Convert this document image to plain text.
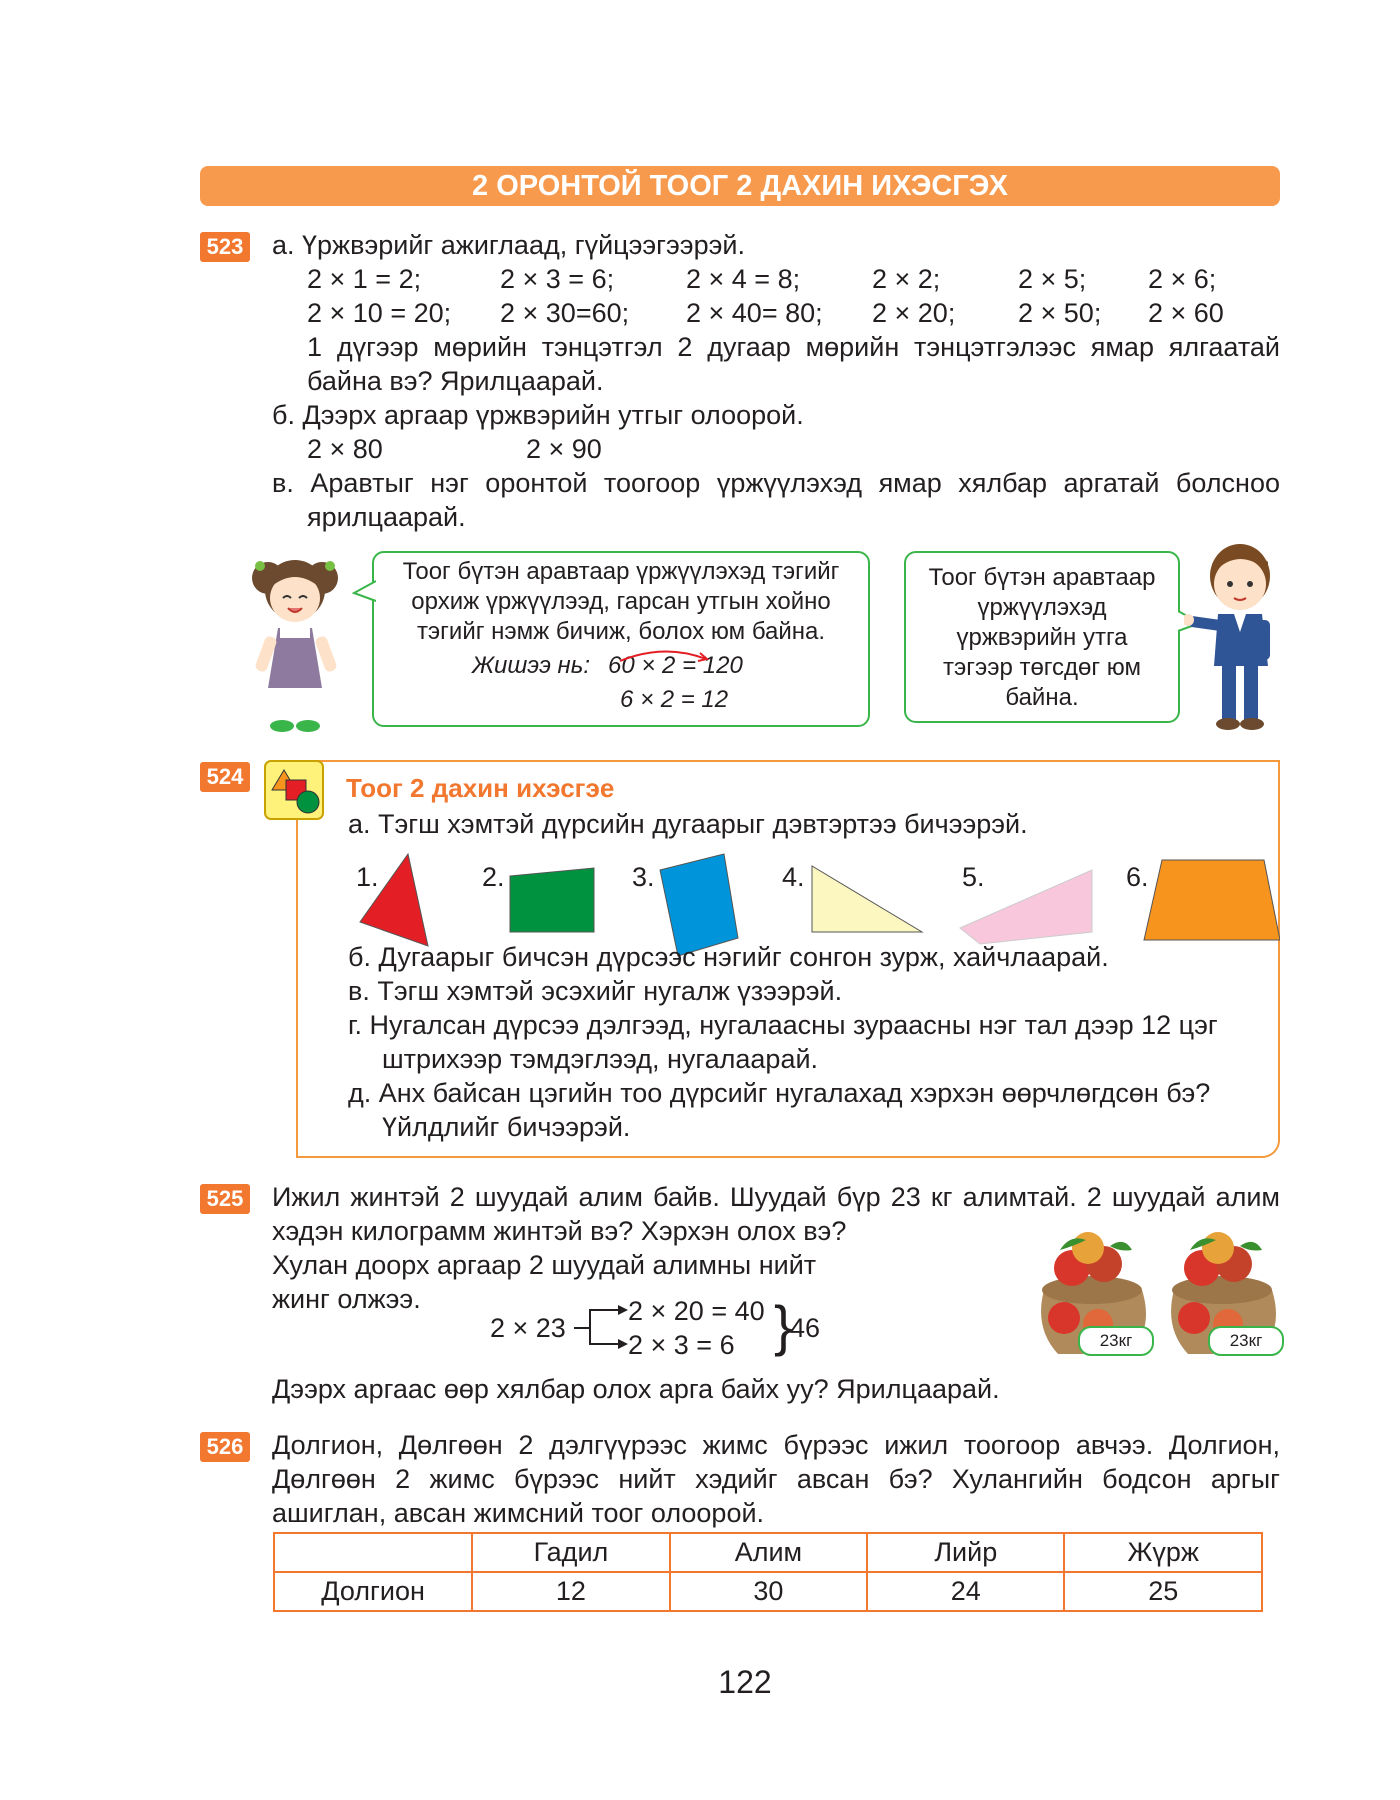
2 ОРОНТОЙ ТООГ 2 ДАХИН ИХЭСГЭХ
523 а. Үржвэрийг ажиглаад, гүйцээгээрэй.
2 × 1 = 2;	2 × 3 = 6;	2 × 4 = 8;	2 × 2;	2 × 5; 2 × 6;
2 × 10 = 20; 2 × 30=60; 2 × 40= 80; 2 × 20; 2 × 50; 2 × 60
1 дүгээр мөрийн тэнцэтгэл 2 дугаар мөрийн тэнцэтгэлээс ямар ялгаатай
байна вэ? Ярилцаарай.
б. Дээрх аргаар үржвэрийн утгыг олоорой.
2 × 80	2 × 90
в. Аравтыг нэг оронтой тоогоор үржүүлэхэд ямар хялбар аргатай болсноо
ярилцаарай.
Тоог бүтэн аравтаар үржүүлэхэд тэгийг
орхиж үржүүлээд, гарсан утгын хойно
тэгийг нэмж бичиж, болох юм байна.
Жишээ нь: 60 × 2 = 120
6 × 2 = 12
Тоог бүтэн аравтаар
үржүүлэхэд
үржвэрийн утга
тэгээр төгсдөг юм
байна.
524	Тоог 2 дахин ихэсгэе
а. Тэгш хэмтэй дүрсийн дугаарыг дэвтэртээ бичээрэй.
1.	2.	3.	4.	5.	6.
б. Дугаарыг бичсэн дүрсээс нэгийг сонгон зурж, хайчлаарай.
в. Тэгш хэмтэй эсэхийг нугалж үзээрэй.
г. Нугалсан дүрсээ дэлгээд, нугалаасны зураасны нэг тал дээр 12 цэг
штрихээр тэмдэглээд, нугалаарай.
д. Анх байсан цэгийн тоо дүрсийг нугалахад хэрхэн өөрчлөгдсөн бэ?
Үйлдлийг бичээрэй.
525 Ижил жинтэй 2 шуудай алим байв. Шуудай бүр 23 кг алимтай. 2 шуудай алим
хэдэн килограмм жинтэй вэ? Хэрхэн олох вэ?
Хулан доорх аргаар 2 шуудай алимны нийт
жинг олжээ.
2 × 23
2 × 20 = 40
2 × 3 = 6 }
46	23кг	23кг
Дээрх аргаас өөр хялбар олох арга байх уу? Ярилцаарай.
526 Долгион, Дөлгөөн 2 дэлгүүрээс жимс бүрээс ижил тоогоор авчээ. Долгион,
Дөлгөөн 2 жимс бүрээс нийт хэдийг авсан бэ? Хулангийн бодсон аргыг
ашиглан, авсан жимсний тоог олоорой.
	Гадил	Алим	Лийр	Жүрж
Долгион	12	30	24	25
122
